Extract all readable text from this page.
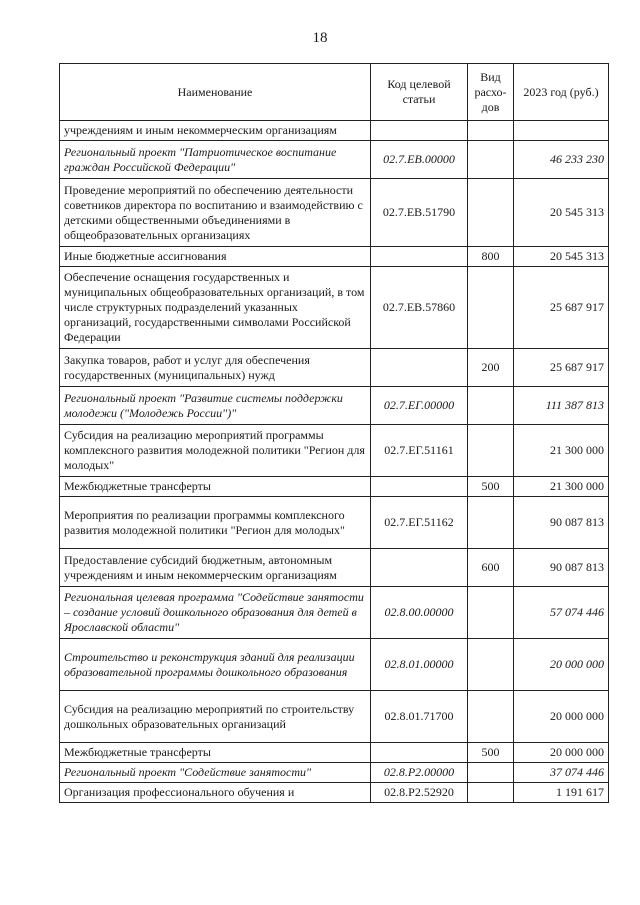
18
Наименование	Код целевой статьи	Вид расхо-дов	2023 год (руб.)
учреждениям и иным некоммерческим организациям			
Региональный проект "Патриотическое воспитание граждан Российской Федерации"	02.7.ЕВ.00000		46 233 230
Проведение мероприятий по обеспечению деятельности советников директора по воспитанию и взаимодействию с детскими общественными объединениями в общеобразовательных организациях	02.7.ЕВ.51790		20 545 313
Иные бюджетные ассигнования		800	20 545 313
Обеспечение оснащения государственных и муниципальных общеобразовательных организаций, в том числе структурных подразделений указанных организаций, государственными символами Российской Федерации	02.7.ЕВ.57860		25 687 917
Закупка товаров, работ и услуг для обеспечения государственных (муниципальных) нужд		200	25 687 917
Региональный проект "Развитие системы поддержки молодежи ("Молодежь России")"	02.7.ЕГ.00000		111 387 813
Субсидия на реализацию мероприятий программы комплексного развития молодежной политики "Регион для молодых"	02.7.ЕГ.51161		21 300 000
Межбюджетные трансферты		500	21 300 000
Мероприятия по реализации программы комплексного развития молодежной политики "Регион для молодых"	02.7.ЕГ.51162		90 087 813
Предоставление субсидий бюджетным, автономным учреждениям и иным некоммерческим организациям		600	90 087 813
Региональная целевая программа "Содействие занятости – создание условий дошкольного образования для детей в Ярославской области"	02.8.00.00000		57 074 446
Строительство и реконструкция зданий для реализации образовательной программы дошкольного образования	02.8.01.00000		20 000 000
Субсидия на реализацию мероприятий по строительству дошкольных образовательных организаций	02.8.01.71700		20 000 000
Межбюджетные трансферты		500	20 000 000
Региональный проект "Содействие занятости"	02.8.Р2.00000		37 074 446
Организация профессионального обучения и	02.8.Р2.52920		1 191 617
